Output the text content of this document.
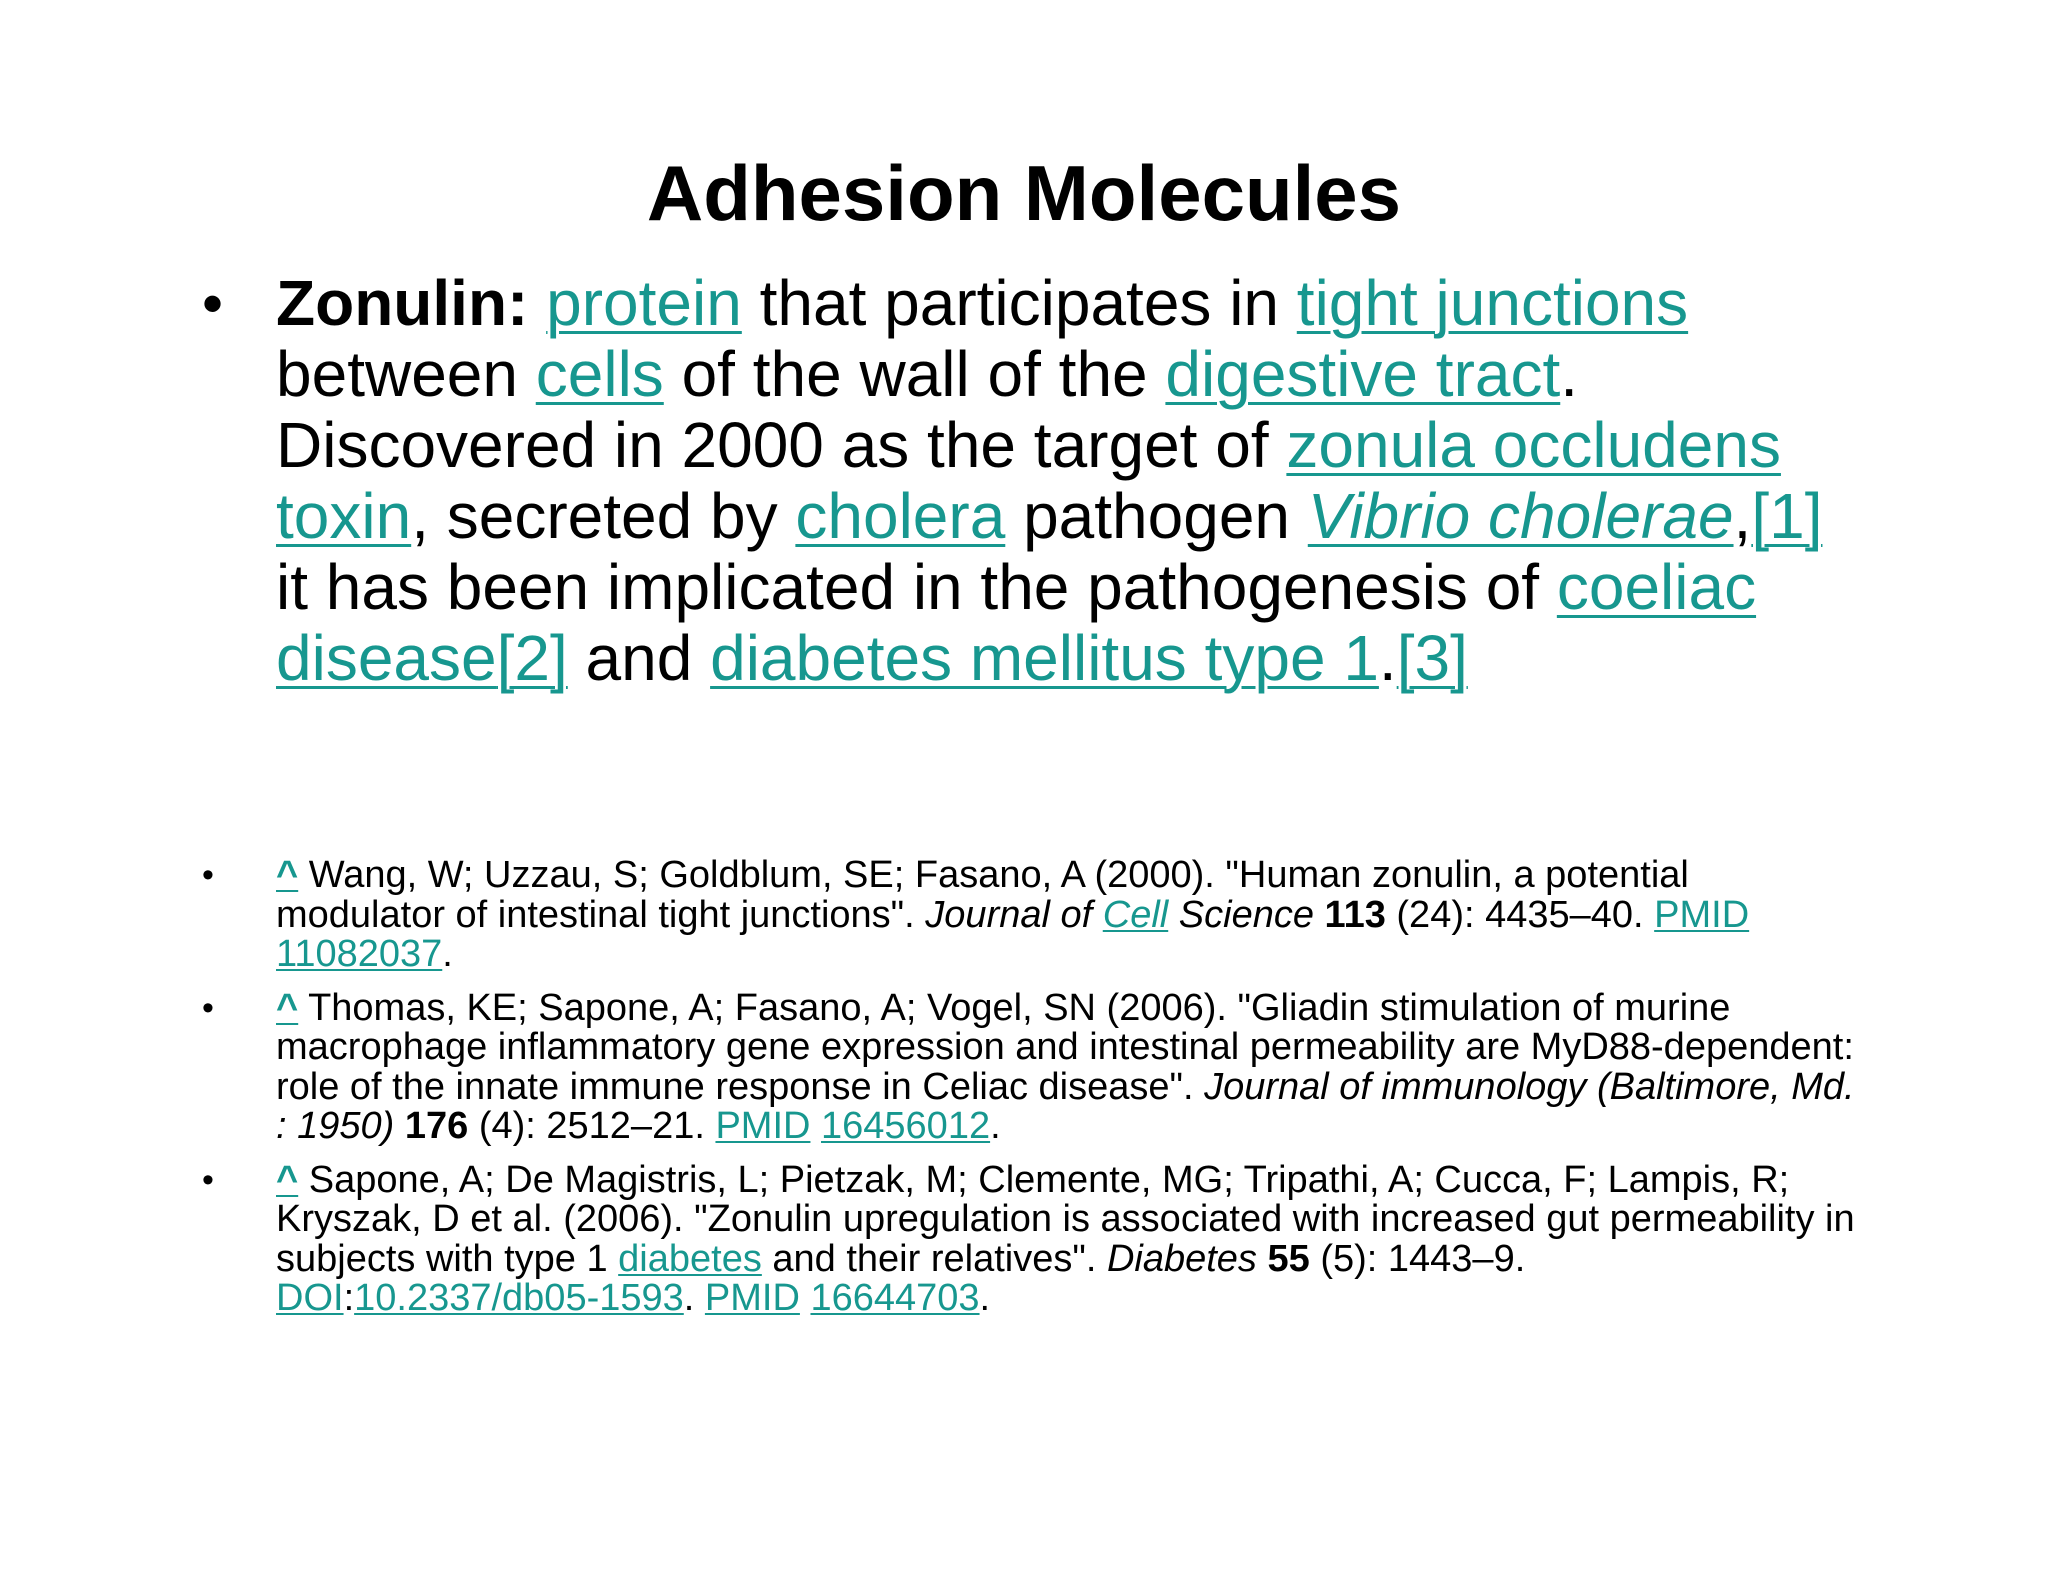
Adhesion Molecules
• Zonulin: protein that participates in tight junctions between cells of the wall of the digestive tract. Discovered in 2000 as the target of zonula occludens toxin, secreted by cholera pathogen Vibrio cholerae,[1] it has been implicated in the pathogenesis of coeliac disease[2] and diabetes mellitus type 1.[3]
• ^ Wang, W; Uzzau, S; Goldblum, SE; Fasano, A (2000). "Human zonulin, a potential modulator of intestinal tight junctions". Journal of Cell Science 113 (24): 4435–40. PMID 11082037.
• ^ Thomas, KE; Sapone, A; Fasano, A; Vogel, SN (2006). "Gliadin stimulation of murine macrophage inflammatory gene expression and intestinal permeability are MyD88-dependent: role of the innate immune response in Celiac disease". Journal of immunology (Baltimore, Md. : 1950) 176 (4): 2512–21. PMID 16456012.
• ^ Sapone, A; De Magistris, L; Pietzak, M; Clemente, MG; Tripathi, A; Cucca, F; Lampis, R; Kryszak, D et al. (2006). "Zonulin upregulation is associated with increased gut permeability in subjects with type 1 diabetes and their relatives". Diabetes 55 (5): 1443–9. DOI:10.2337/db05-1593. PMID 16644703.
